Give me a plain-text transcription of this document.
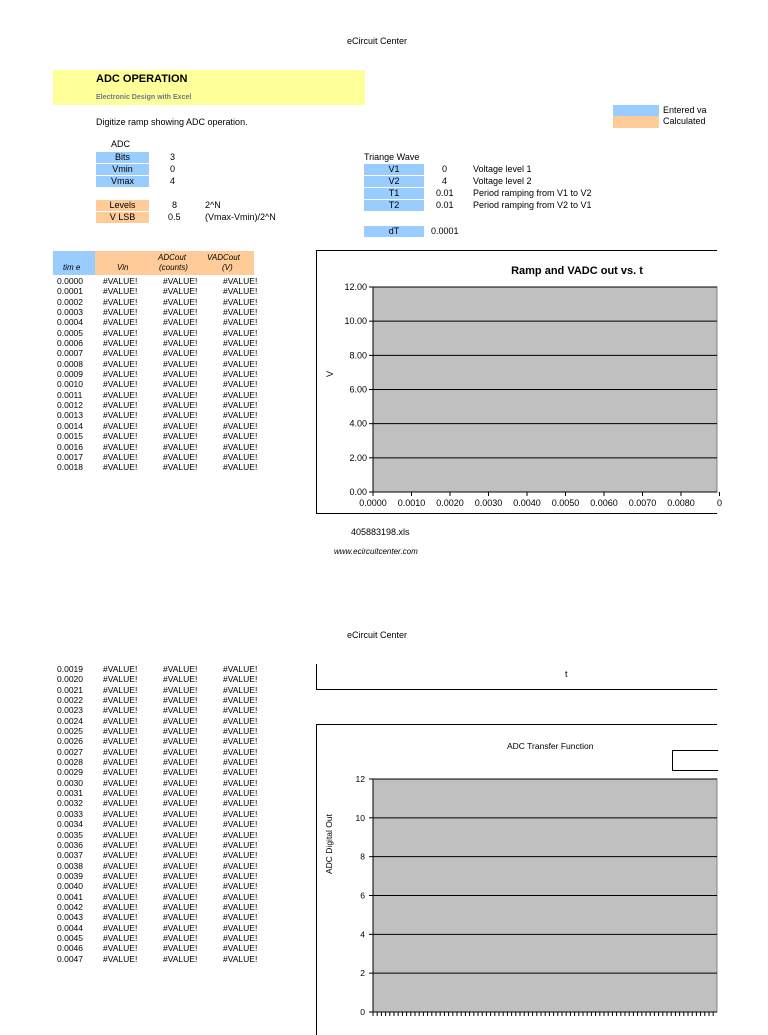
eCircuit Center
ADC OPERATION
Electronic Design with Excel
Entered va
Calculated
Digitize ramp showing ADC operation.
ADC
Bits	3
Vmin	0
Vmax	4
Levels	8	2^N
V LSB	0.5	(Vmax-Vmin)/2^N
Triange Wave
V1	0	Voltage level 1
V2	4	Voltage level 2
T1	0.01 Period ramping from V1 to V2
T2	0.01 Period ramping from V2 to V1
dT	0.0001
tim e	Vin
ADCout
(counts)
VADCout
(V)
0.0000	#VALUE!	#VALUE!	#VALUE!
0.0001	#VALUE!	#VALUE!	#VALUE!
0.0002	#VALUE!	#VALUE!	#VALUE!
0.0003	#VALUE!	#VALUE!	#VALUE!
0.0004	#VALUE!	#VALUE!	#VALUE!
0.0005	#VALUE!	#VALUE!	#VALUE!
0.0006	#VALUE!	#VALUE!	#VALUE!
0.0007	#VALUE!	#VALUE!	#VALUE!
0.0008	#VALUE!	#VALUE!	#VALUE!
0.0009	#VALUE!	#VALUE!	#VALUE!
0.0010	#VALUE!	#VALUE!	#VALUE!
0.0011	#VALUE!	#VALUE!	#VALUE!
0.0012	#VALUE!	#VALUE!	#VALUE!
0.0013	#VALUE!	#VALUE!	#VALUE!
0.0014	#VALUE!	#VALUE!	#VALUE!
0.0015	#VALUE!	#VALUE!	#VALUE!
0.0016	#VALUE!	#VALUE!	#VALUE!
0.0017	#VALUE!	#VALUE!	#VALUE!
0.0018	#VALUE!	#VALUE!	#VALUE!
Ramp and VADC out vs. t
V
0.00
2.00
4.00
6.00
8.00
10.00
12.00
0.0000 0.0010 0.0020 0.0030 0.0040 0.0050 0.0060 0.0070 0.0080 0
405883198.xls
www.ecircuitcenter.com
eCircuit Center
0.0019	#VALUE!	#VALUE!	#VALUE!
0.0020	#VALUE!	#VALUE!	#VALUE!
0.0021	#VALUE!	#VALUE!	#VALUE!
0.0022	#VALUE!	#VALUE!	#VALUE!
0.0023	#VALUE!	#VALUE!	#VALUE!
0.0024	#VALUE!	#VALUE!	#VALUE!
0.0025	#VALUE!	#VALUE!	#VALUE!
0.0026	#VALUE!	#VALUE!	#VALUE!
0.0027	#VALUE!	#VALUE!	#VALUE!
0.0028	#VALUE!	#VALUE!	#VALUE!
0.0029	#VALUE!	#VALUE!	#VALUE!
0.0030	#VALUE!	#VALUE!	#VALUE!
0.0031	#VALUE!	#VALUE!	#VALUE!
0.0032	#VALUE!	#VALUE!	#VALUE!
0.0033	#VALUE!	#VALUE!	#VALUE!
0.0034	#VALUE!	#VALUE!	#VALUE!
0.0035	#VALUE!	#VALUE!	#VALUE!
0.0036	#VALUE!	#VALUE!	#VALUE!
0.0037	#VALUE!	#VALUE!	#VALUE!
0.0038	#VALUE!	#VALUE!	#VALUE!
0.0039	#VALUE!	#VALUE!	#VALUE!
0.0040	#VALUE!	#VALUE!	#VALUE!
0.0041	#VALUE!	#VALUE!	#VALUE!
0.0042	#VALUE!	#VALUE!	#VALUE!
0.0043	#VALUE!	#VALUE!	#VALUE!
0.0044	#VALUE!	#VALUE!	#VALUE!
0.0045	#VALUE!	#VALUE!	#VALUE!
0.0046	#VALUE!	#VALUE!	#VALUE!
0.0047	#VALUE!	#VALUE!	#VALUE!
t
ADC Transfer Function
ADC Digital Out
0
2
4
6
8
10
12
